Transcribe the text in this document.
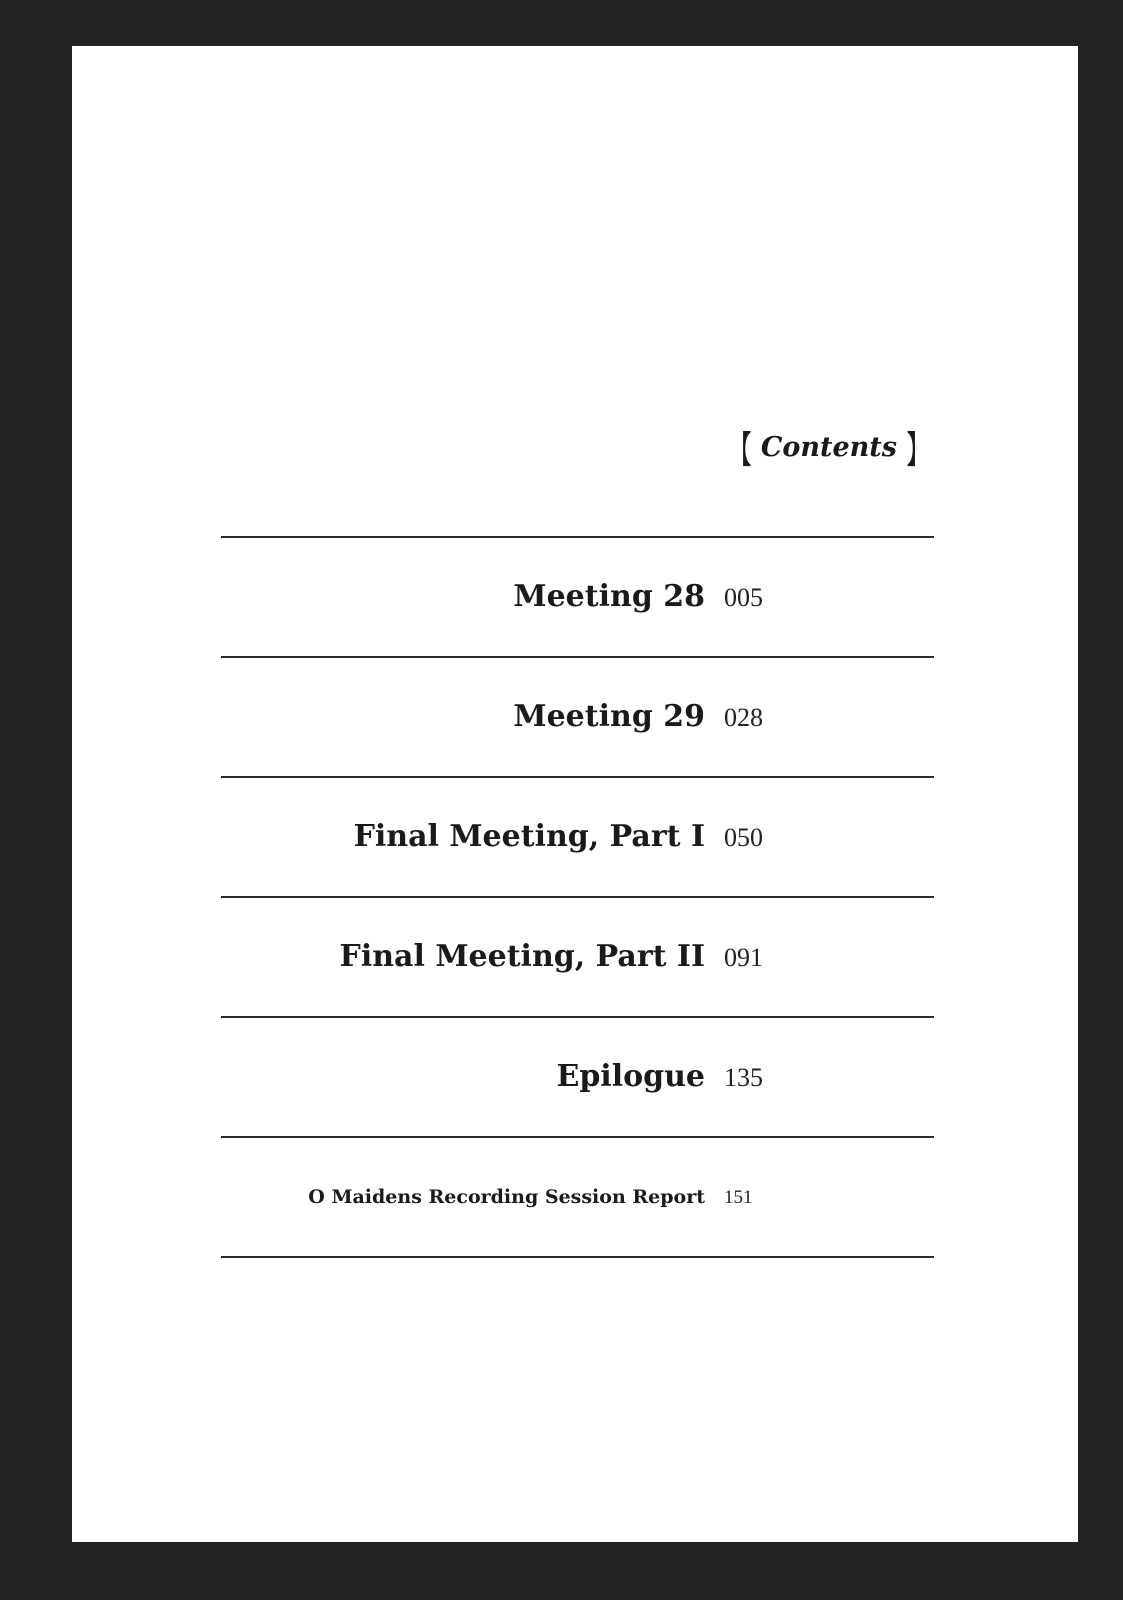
【 Contents 】
Meeting 28 005
Meeting 29 028
Final Meeting, Part I 050
Final Meeting, Part II 091
Epilogue 135
O Maidens Recording Session Report 151
